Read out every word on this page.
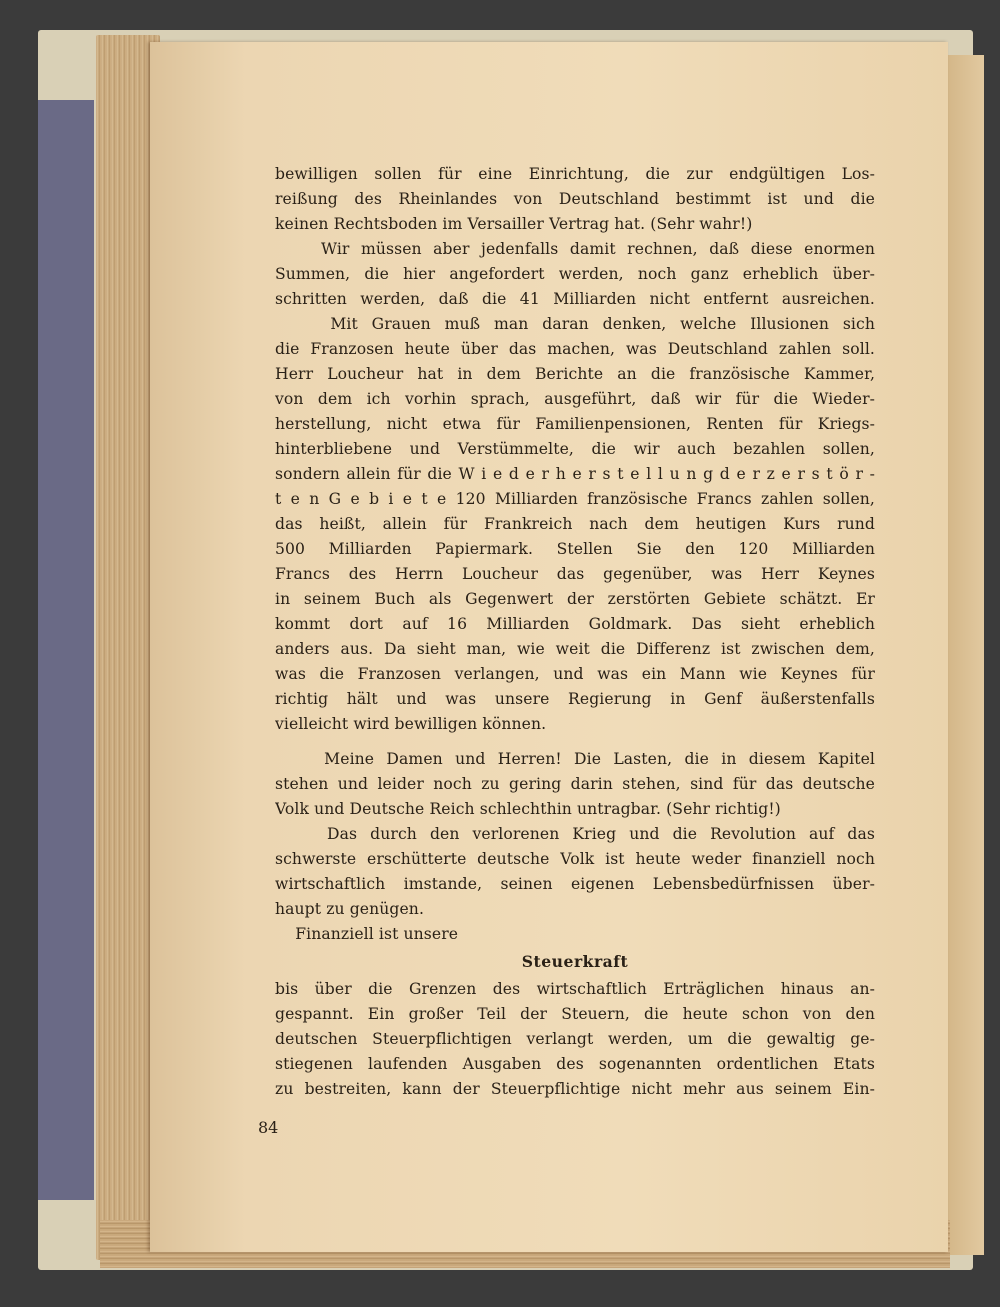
bewilligen sollen für eine Einrichtung, die zur endgültigen Los-
reißung des Rheinlandes von Deutschland bestimmt ist und die
keinen Rechtsboden im Versailler Vertrag hat. (Sehr wahr!)
Wir müssen aber jedenfalls damit rechnen, daß diese enormen
Summen, die hier angefordert werden, noch ganz erheblich über-
schritten werden, daß die 41 Milliarden nicht entfernt ausreichen.
Mit Grauen muß man daran denken, welche Illusionen sich
die Franzosen heute über das machen, was Deutschland zahlen soll.
Herr Loucheur hat in dem Berichte an die französische Kammer,
von dem ich vorhin sprach, ausgeführt, daß wir für die Wieder-
herstellung, nicht etwa für Familienpensionen, Renten für Kriegs-
hinterbliebene und Verstümmelte, die wir auch bezahlen sollen,
sondern allein für die W i e d e r h e r s t e l l u n g d e r z e r s t ö r -
t e n G e b i e t e 120 Milliarden französische Francs zahlen sollen,
das heißt, allein für Frankreich nach dem heutigen Kurs rund
500 Milliarden Papiermark. Stellen Sie den 120 Milliarden
Francs des Herrn Loucheur das gegenüber, was Herr Keynes
in seinem Buch als Gegenwert der zerstörten Gebiete schätzt. Er
kommt dort auf 16 Milliarden Goldmark. Das sieht erheblich
anders aus. Da sieht man, wie weit die Differenz ist zwischen dem,
was die Franzosen verlangen, und was ein Mann wie Keynes für
richtig hält und was unsere Regierung in Genf äußerstenfalls
vielleicht wird bewilligen können.
Meine Damen und Herren! Die Lasten, die in diesem Kapitel
stehen und leider noch zu gering darin stehen, sind für das deutsche
Volk und Deutsche Reich schlechthin untragbar. (Sehr richtig!)
Das durch den verlorenen Krieg und die Revolution auf das
schwerste erschütterte deutsche Volk ist heute weder finanziell noch
wirtschaftlich imstande, seinen eigenen Lebensbedürfnissen über-
haupt zu genügen.
Finanziell ist unsere
Steuerkraft
bis über die Grenzen des wirtschaftlich Erträglichen hinaus an-
gespannt. Ein großer Teil der Steuern, die heute schon von den
deutschen Steuerpflichtigen verlangt werden, um die gewaltig ge-
stiegenen laufenden Ausgaben des sogenannten ordentlichen Etats
zu bestreiten, kann der Steuerpflichtige nicht mehr aus seinem Ein-
84
